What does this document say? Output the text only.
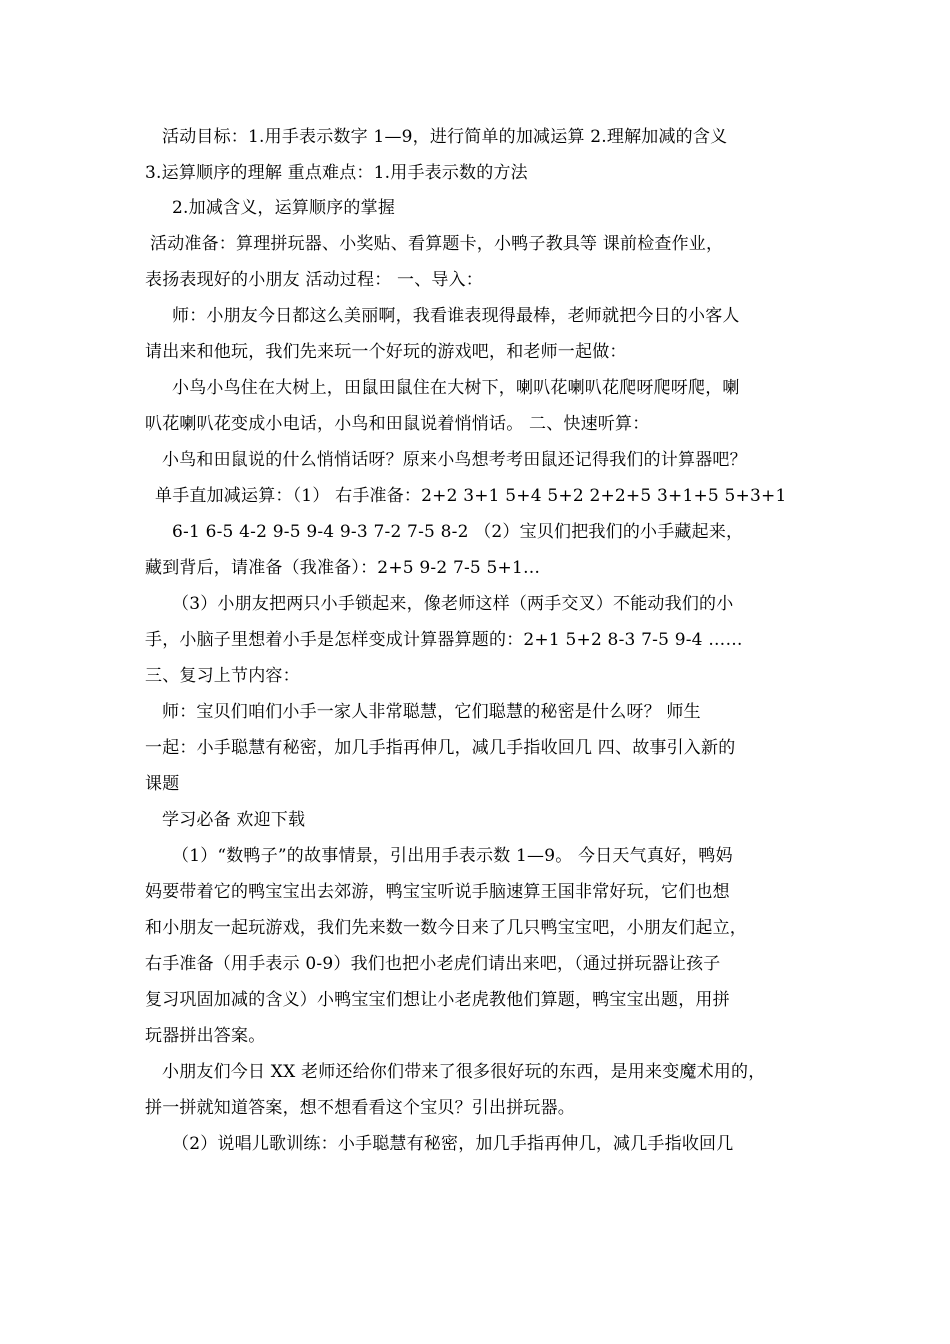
活动目标：1.用手表示数字 1—9，进行简单的加减运算 2.理解加减的含义
3.运算顺序的理解 重点难点：1.用手表示数的方法
2.加减含义，运算顺序的掌握
活动准备：算理拼玩器、小奖贴、看算题卡，小鸭子教具等 课前检查作业，
表扬表现好的小朋友 活动过程： 一、导入：
师：小朋友今日都这么美丽啊，我看谁表现得最棒，老师就把今日的小客人
请出来和他玩，我们先来玩一个好玩的游戏吧，和老师一起做：
小鸟小鸟住在大树上，田鼠田鼠住在大树下，喇叭花喇叭花爬呀爬呀爬，喇
叭花喇叭花变成小电话，小鸟和田鼠说着悄悄话。 二、快速听算：
小鸟和田鼠说的什么悄悄话呀？原来小鸟想考考田鼠还记得我们的计算器吧？
单手直加减运算：（1） 右手准备：2+2 3+1 5+4 5+2 2+2+5 3+1+5 5+3+1
6-1 6-5 4-2 9-5 9-4 9-3 7-2 7-5 8-2 （2）宝贝们把我们的小手藏起来，
藏到背后，请准备（我准备）：2+5 9-2 7-5 5+1…
（3）小朋友把两只小手锁起来，像老师这样（两手交叉）不能动我们的小
手，小脑子里想着小手是怎样变成计算器算题的：2+1 5+2 8-3 7-5 9-4 ……
三、复习上节内容：
师：宝贝们咱们小手一家人非常聪慧，它们聪慧的秘密是什么呀？ 师生
一起：小手聪慧有秘密，加几手指再伸几，减几手指收回几 四、故事引入新的
课题
学习必备 欢迎下载
（1）“数鸭子”的故事情景，引出用手表示数 1—9。 今日天气真好，鸭妈
妈要带着它的鸭宝宝出去郊游，鸭宝宝听说手脑速算王国非常好玩，它们也想
和小朋友一起玩游戏，我们先来数一数今日来了几只鸭宝宝吧，小朋友们起立，
右手准备（用手表示 0-9）我们也把小老虎们请出来吧，（通过拼玩器让孩子
复习巩固加减的含义）小鸭宝宝们想让小老虎教他们算题，鸭宝宝出题，用拼
玩器拼出答案。
小朋友们今日 XX 老师还给你们带来了很多很好玩的东西，是用来变魔术用的，
拼一拼就知道答案，想不想看看这个宝贝？引出拼玩器。
（2）说唱儿歌训练：小手聪慧有秘密，加几手指再伸几，减几手指收回几
